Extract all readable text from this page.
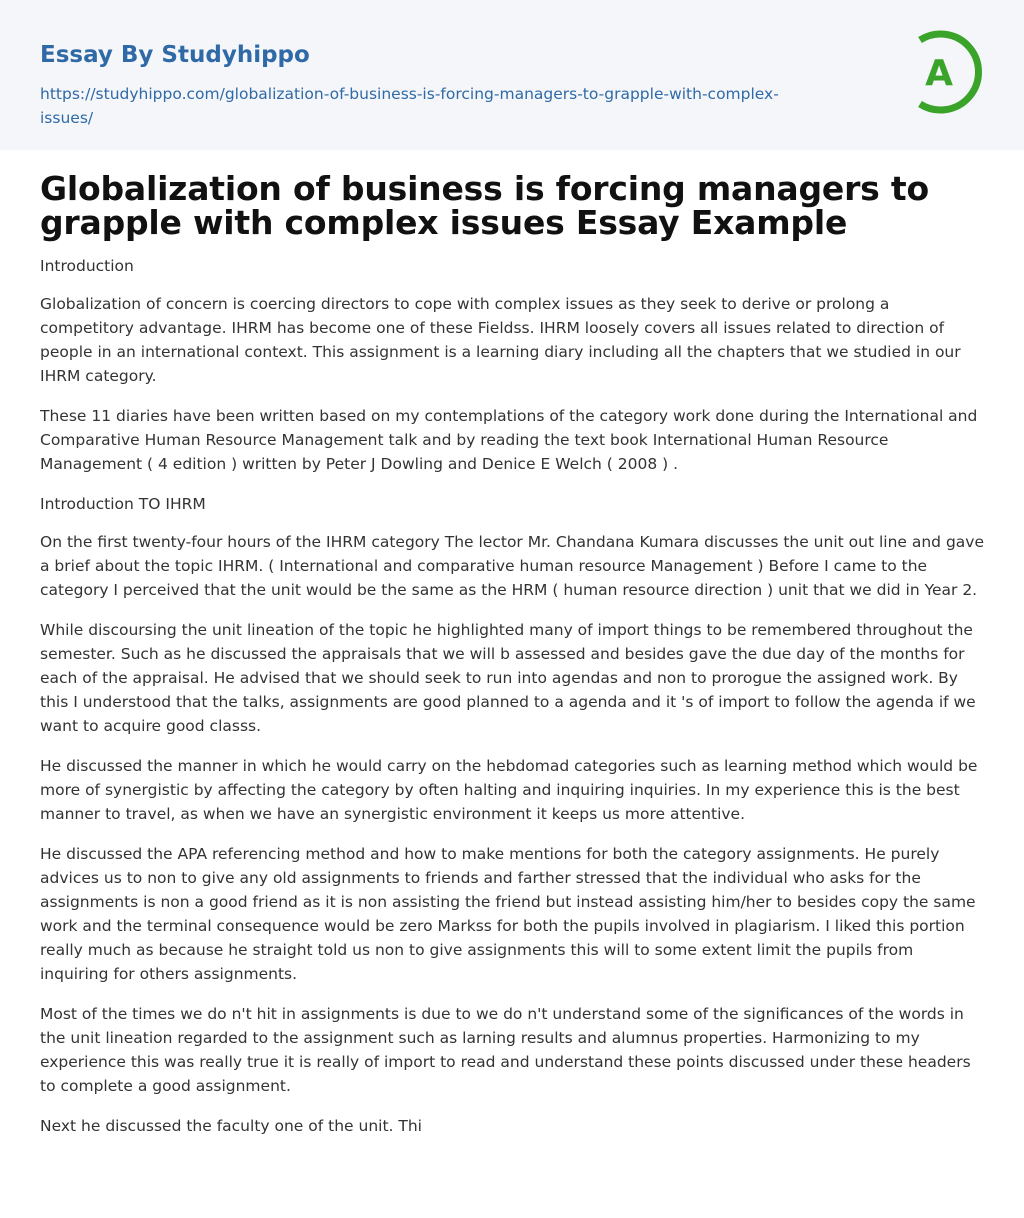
Essay By Studyhippo
https://studyhippo.com/globalization-of-business-is-forcing-managers-to-grapple-with-complex-issues/
A
Globalization of business is forcing managers to grapple with complex issues Essay Example

Introduction

Globalization of concern is coercing directors to cope with complex issues as they seek to derive or prolong a competitory advantage. IHRM has become one of these Fieldss. IHRM loosely covers all issues related to direction of people in an international context. This assignment is a learning diary including all the chapters that we studied in our IHRM category.

These 11 diaries have been written based on my contemplations of the category work done during the International and Comparative Human Resource Management talk and by reading the text book International Human Resource Management ( 4 edition ) written by Peter J Dowling and Denice E Welch ( 2008 ) .

Introduction TO IHRM

On the first twenty-four hours of the IHRM category The lector Mr. Chandana Kumara discusses the unit out line and gave a brief about the topic IHRM. ( International and comparative human resource Management ) Before I came to the category I perceived that the unit would be the same as the HRM ( human resource direction ) unit that we did in Year 2.

While discoursing the unit lineation of the topic he highlighted many of import things to be remembered throughout the semester. Such as he discussed the appraisals that we will b assessed and besides gave the due day of the months for each of the appraisal. He advised that we should seek to run into agendas and non to prorogue the assigned work. By this I understood that the talks, assignments are good planned to a agenda and it 's of import to follow the agenda if we want to acquire good classs.

He discussed the manner in which he would carry on the hebdomad categories such as learning method which would be more of synergistic by affecting the category by often halting and inquiring inquiries. In my experience this is the best manner to travel, as when we have an synergistic environment it keeps us more attentive.

He discussed the APA referencing method and how to make mentions for both the category assignments. He purely advices us to non to give any old assignments to friends and farther stressed that the individual who asks for the assignments is non a good friend as it is non assisting the friend but instead assisting him/her to besides copy the same work and the terminal consequence would be zero Markss for both the pupils involved in plagiarism. I liked this portion really much as because he straight told us non to give assignments this will to some extent limit the pupils from inquiring for others assignments.

Most of the times we do n't hit in assignments is due to we do n't understand some of the significances of the words in the unit lineation regarded to the assignment such as larning results and alumnus properties. Harmonizing to my experience this was really true it is really of import to read and understand these points discussed under these headers to complete a good assignment.

Next he discussed the faculty one of the unit. Thi
